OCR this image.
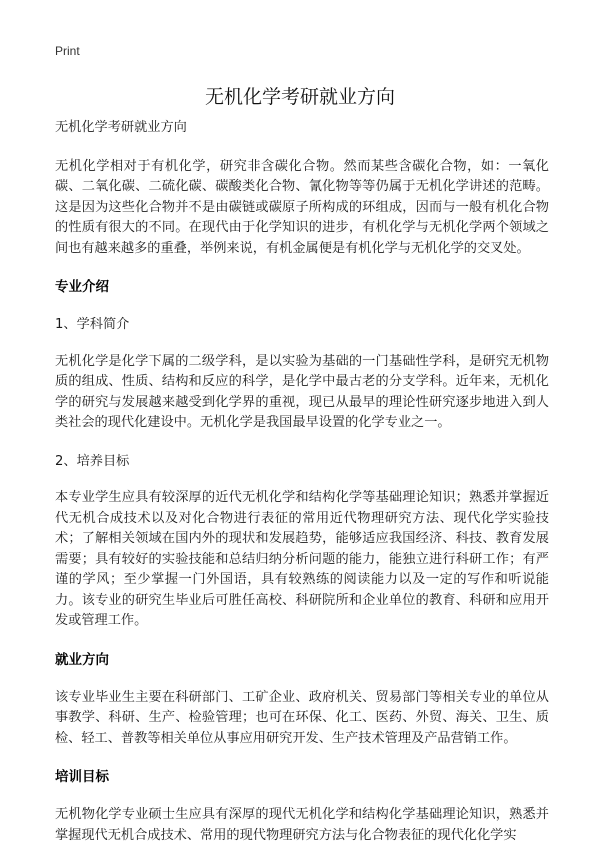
Print
无机化学考研就业方向

无机化学考研就业方向

无机化学相对于有机化学，研究非含碳化合物。然而某些含碳化合物，如：一氧化碳、二氧化碳、二硫化碳、碳酸类化合物、氰化物等等仍属于无机化学讲述的范畴。这是因为这些化合物并不是由碳链或碳原子所构成的环组成，因而与一般有机化合物的性质有很大的不同。在现代由于化学知识的进步，有机化学与无机化学两个领域之间也有越来越多的重叠，举例来说，有机金属便是有机化学与无机化学的交叉处。

专业介绍

1、学科简介

无机化学是化学下属的二级学科，是以实验为基础的一门基础性学科，是研究无机物质的组成、性质、结构和反应的科学，是化学中最古老的分支学科。近年来，无机化学的研究与发展越来越受到化学界的重视，现已从最早的理论性研究逐步地进入到人类社会的现代化建设中。无机化学是我国最早设置的化学专业之一。

2、培养目标

本专业学生应具有较深厚的近代无机化学和结构化学等基础理论知识；熟悉并掌握近代无机合成技术以及对化合物进行表征的常用近代物理研究方法、现代化学实验技术；了解相关领域在国内外的现状和发展趋势，能够适应我国经济、科技、教育发展需要；具有较好的实验技能和总结归纳分析问题的能力，能独立进行科研工作；有严谨的学风；至少掌握一门外国语，具有较熟练的阅读能力以及一定的写作和听说能力。该专业的研究生毕业后可胜任高校、科研院所和企业单位的教育、科研和应用开发或管理工作。

就业方向

该专业毕业生主要在科研部门、工矿企业、政府机关、贸易部门等相关专业的单位从事教学、科研、生产、检验管理；也可在环保、化工、医药、外贸、海关、卫生、质检、轻工、普教等相关单位从事应用研究开发、生产技术管理及产品营销工作。

培训目标

无机物化学专业硕士生应具有深厚的现代无机化学和结构化学基础理论知识，熟悉并掌握现代无机合成技术、常用的现代物理研究方法与化合物表征的现代化化学实
